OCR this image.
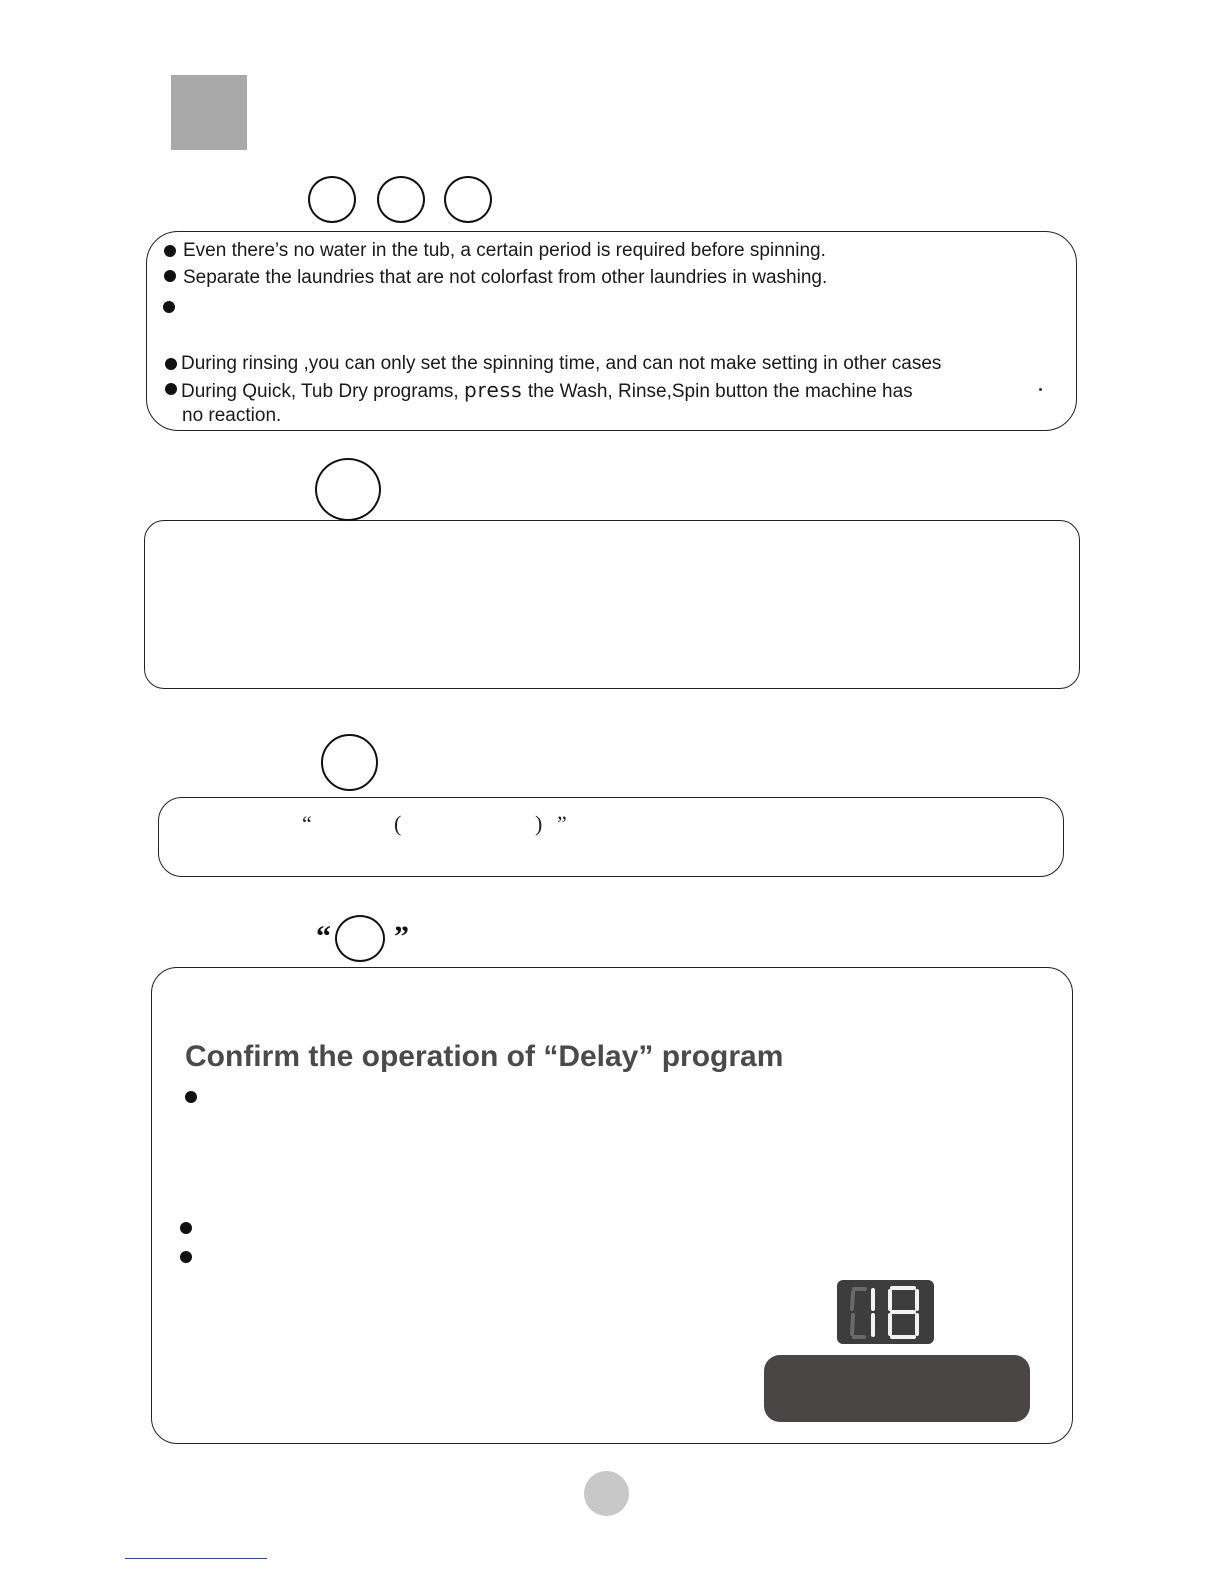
Even there’s no water in the tub, a certain period is required before spinning.
Separate the laundries that are not colorfast from other laundries in washing.
During rinsing ,you can only set the spinning time, and can not make setting in other cases
During Quick, Tub Dry programs, press the Wash, Rinse,Spin button the machine has
no reaction.
“	(	) ”
“ ”
Confirm the operation of “Delay” program
